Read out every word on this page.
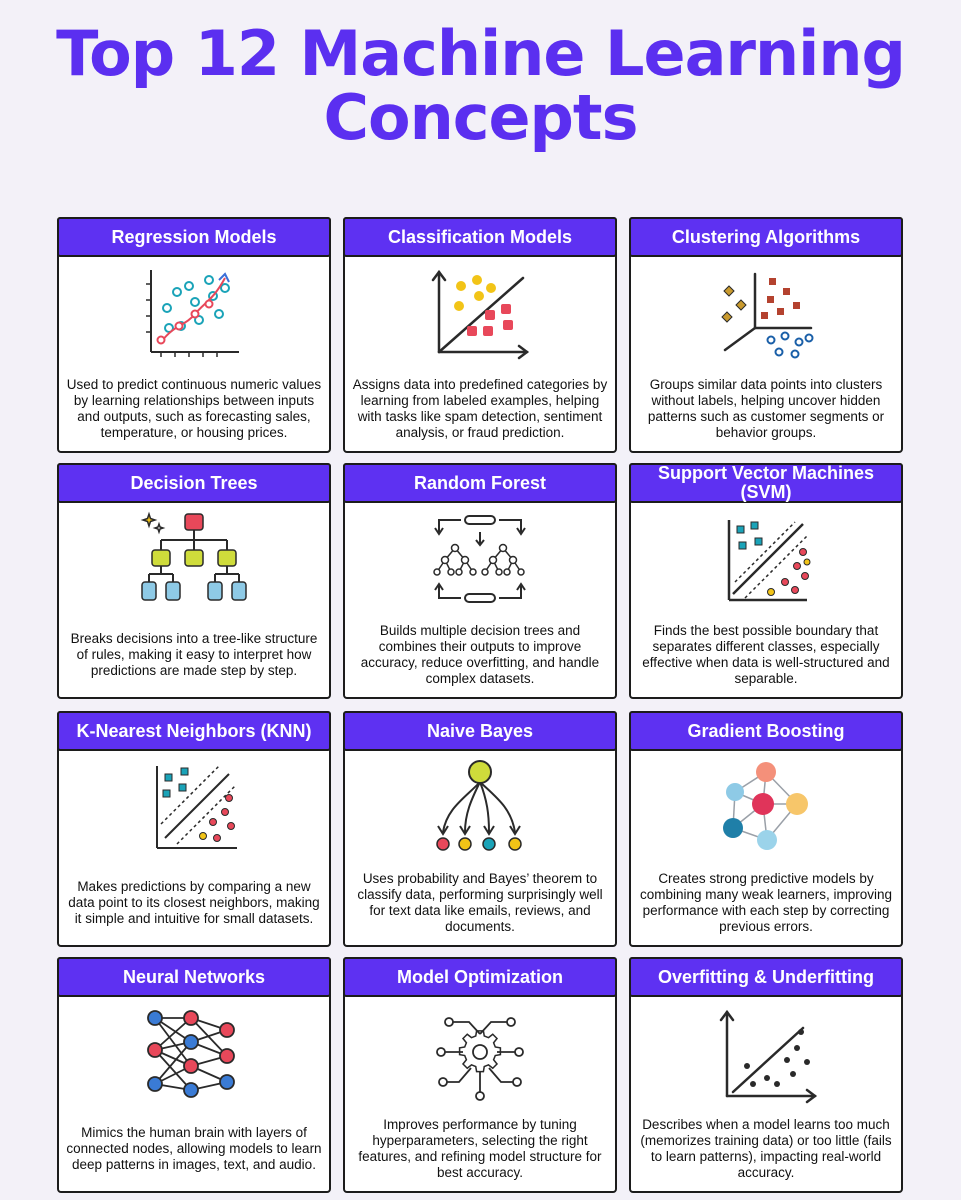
Top 12 Machine Learning
Concepts
Regression Models
Used to predict continuous numeric values by learning relationships between inputs and outputs, such as forecasting sales, temperature, or housing prices.
Classification Models
Assigns data into predefined categories by learning from labeled examples, helping with tasks like spam detection, sentiment analysis, or fraud prediction.
Clustering Algorithms
Groups similar data points into clusters without labels, helping uncover hidden patterns such as customer segments or behavior groups.
Decision Trees
Breaks decisions into a tree-like structure of rules, making it easy to interpret how predictions are made step by step.
Random Forest
Builds multiple decision trees and combines their outputs to improve accuracy, reduce overfitting, and handle complex datasets.
Support Vector Machines (SVM)
Finds the best possible boundary that separates different classes, especially effective when data is well-structured and separable.
K-Nearest Neighbors (KNN)
Makes predictions by comparing a new data point to its closest neighbors, making it simple and intuitive for small datasets.
Naive Bayes
Uses probability and Bayes’ theorem to classify data, performing surprisingly well for text data like emails, reviews, and documents.
Gradient Boosting
Creates strong predictive models by combining many weak learners, improving performance with each step by correcting previous errors.
Neural Networks
Mimics the human brain with layers of connected nodes, allowing models to learn deep patterns in images, text, and audio.
Model Optimization
Improves performance by tuning hyperparameters, selecting the right features, and refining model structure for best accuracy.
Overfitting & Underfitting
Describes when a model learns too much (memorizes training data) or too little (fails to learn patterns), impacting real-world accuracy.
